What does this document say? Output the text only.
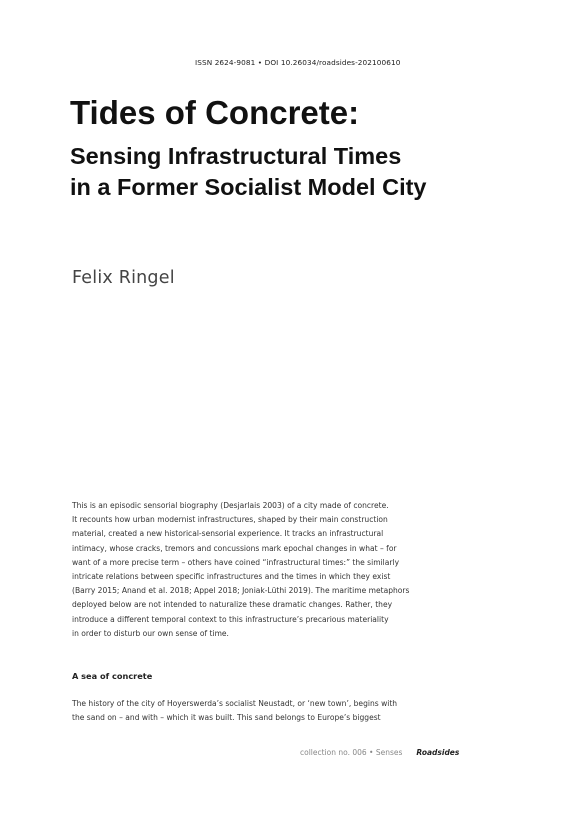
ISSN 2624-9081 • DOI 10.26034/roadsides-202100610
Tides of Concrete:
Sensing Infrastructural Times
in a Former Socialist Model City
Felix Ringel
This is an episodic sensorial biography (Desjarlais 2003) of a city made of concrete.
It recounts how urban modernist infrastructures, shaped by their main construction
material, created a new historical-sensorial experience. It tracks an infrastructural
intimacy, whose cracks, tremors and concussions mark epochal changes in what – for
want of a more precise term – others have coined “infrastructural times:” the similarly
intricate relations between specific infrastructures and the times in which they exist
(Barry 2015; Anand et al. 2018; Appel 2018; Joniak-Lüthi 2019). The maritime metaphors
deployed below are not intended to naturalize these dramatic changes. Rather, they
introduce a different temporal context to this infrastructure’s precarious materiality
in order to disturb our own sense of time.
A sea of concrete
The history of the city of Hoyerswerda’s socialist Neustadt, or ‘new town’, begins with
the sand on – and with – which it was built. This sand belongs to Europe’s biggest
collection no. 006 • Senses Roadsides
